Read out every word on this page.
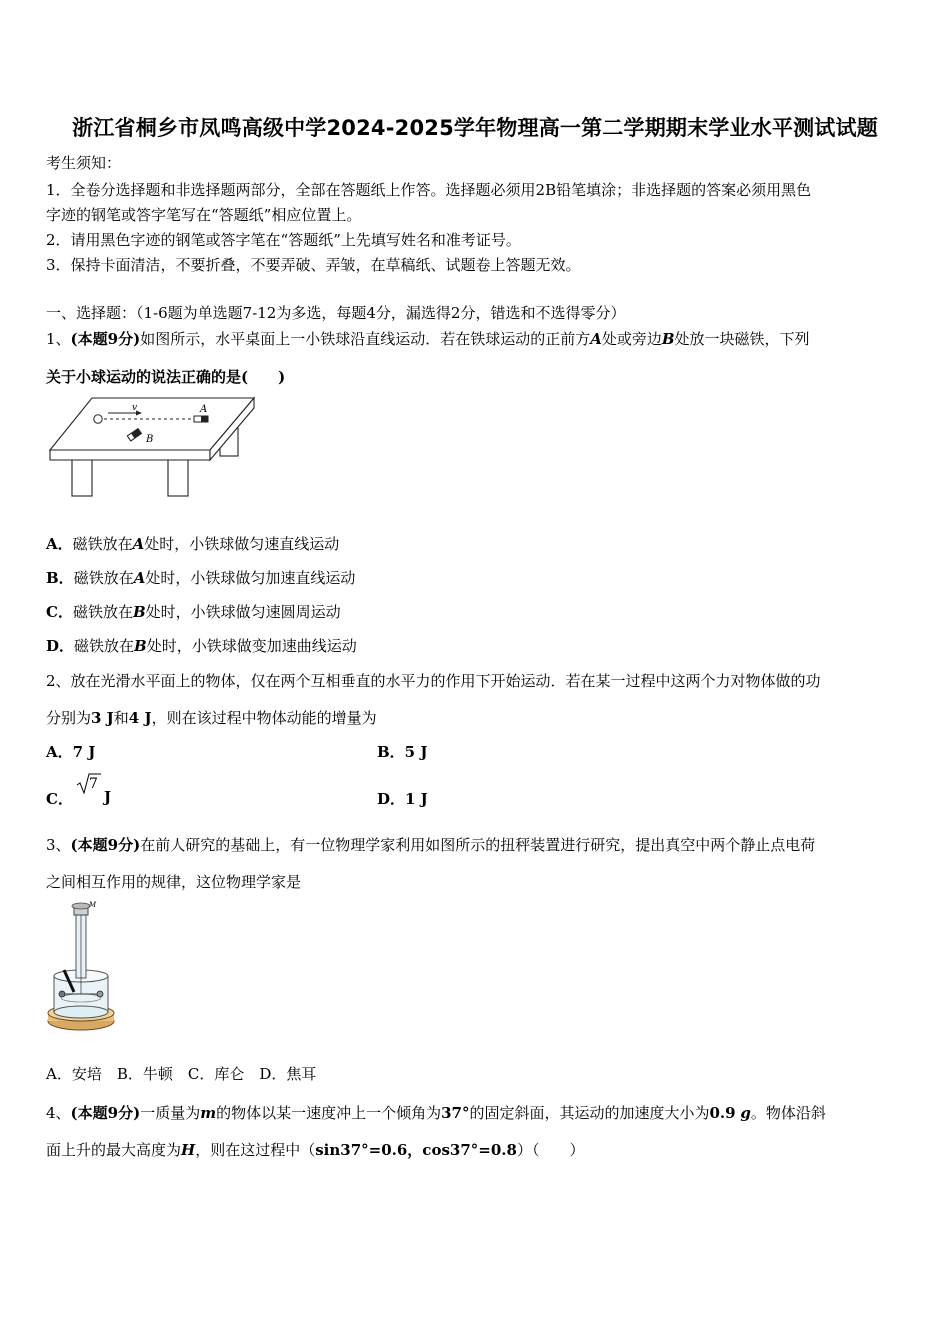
浙江省桐乡市凤鸣高级中学2024-2025学年物理高一第二学期期末学业水平测试试题
考生须知：
1．全卷分选择题和非选择题两部分，全部在答题纸上作答。选择题必须用2B铅笔填涂；非选择题的答案必须用黑色
字迹的钢笔或答字笔写在“答题纸”相应位置上。
2．请用黑色字迹的钢笔或答字笔在“答题纸”上先填写姓名和准考证号。
3．保持卡面清洁，不要折叠，不要弄破、弄皱，在草稿纸、试题卷上答题无效。
一、选择题：（1-6题为单选题7-12为多选，每题4分，漏选得2分，错选和不选得零分）
1、(本题9分)如图所示，水平桌面上一小铁球沿直线运动．若在铁球运动的正前方A处或旁边B处放一块磁铁，下列
关于小球运动的说法正确的是(　　)
v	A
B
A．磁铁放在A处时，小铁球做匀速直线运动
B．磁铁放在A处时，小铁球做匀加速直线运动
C．磁铁放在B处时，小铁球做匀速圆周运动
D．磁铁放在B处时，小铁球做变加速曲线运动
2、放在光滑水平面上的物体，仅在两个互相垂直的水平力的作用下开始运动．若在某一过程中这两个力对物体做的功
分别为3 J和4 J，则在该过程中物体动能的增量为
A．7 J	B．5 J
C．
7
J	D．1 J
3、(本题9分)在前人研究的基础上，有一位物理学家利用如图所示的扭秤装置进行研究，提出真空中两个静止点电荷
之间相互作用的规律，这位物理学家是
M
A．安培　B．牛顿　C．库仑　D．焦耳
4、(本题9分)一质量为m的物体以某一速度冲上一个倾角为37°的固定斜面，其运动的加速度大小为0.9 g。物体沿斜
面上升的最大高度为H，则在这过程中（sin37°=0.6，cos37°=0.8）（　　）
